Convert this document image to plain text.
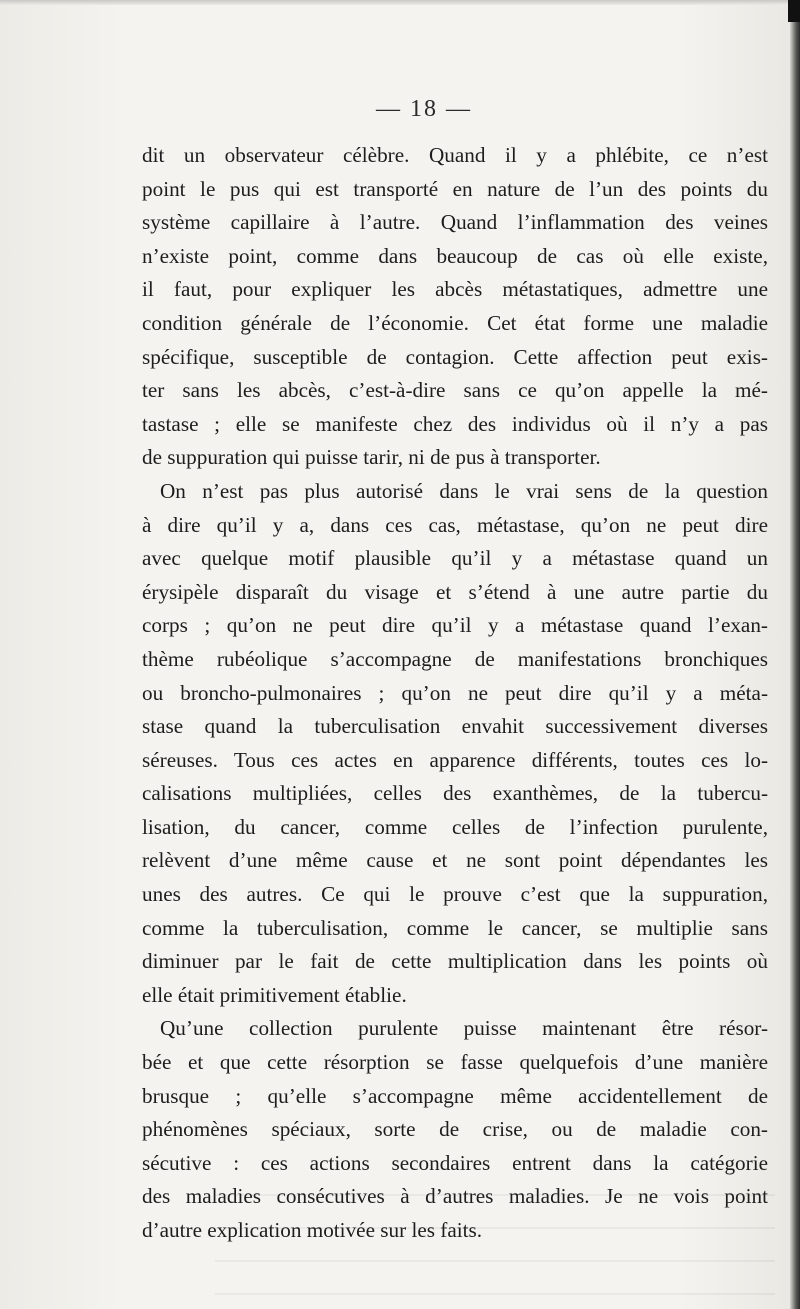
— 18 —
dit un observateur célèbre. Quand il y a phlébite, ce n’est
point le pus qui est transporté en nature de l’un des points du
système capillaire à l’autre. Quand l’inflammation des veines
n’existe point, comme dans beaucoup de cas où elle existe,
il faut, pour expliquer les abcès métastatiques, admettre une
condition générale de l’économie. Cet état forme une maladie
spécifique, susceptible de contagion. Cette affection peut exis-
ter sans les abcès, c’est-à-dire sans ce qu’on appelle la mé-
tastase ; elle se manifeste chez des individus où il n’y a pas
de suppuration qui puisse tarir, ni de pus à transporter.
On n’est pas plus autorisé dans le vrai sens de la question
à dire qu’il y a, dans ces cas, métastase, qu’on ne peut dire
avec quelque motif plausible qu’il y a métastase quand un
érysipèle disparaît du visage et s’étend à une autre partie du
corps ; qu’on ne peut dire qu’il y a métastase quand l’exan-
thème rubéolique s’accompagne de manifestations bronchiques
ou broncho-pulmonaires ; qu’on ne peut dire qu’il y a méta-
stase quand la tuberculisation envahit successivement diverses
séreuses. Tous ces actes en apparence différents, toutes ces lo-
calisations multipliées, celles des exanthèmes, de la tubercu-
lisation, du cancer, comme celles de l’infection purulente,
relèvent d’une même cause et ne sont point dépendantes les
unes des autres. Ce qui le prouve c’est que la suppuration,
comme la tuberculisation, comme le cancer, se multiplie sans
diminuer par le fait de cette multiplication dans les points où
elle était primitivement établie.
Qu’une collection purulente puisse maintenant être résor-
bée et que cette résorption se fasse quelquefois d’une manière
brusque ; qu’elle s’accompagne même accidentellement de
phénomènes spéciaux, sorte de crise, ou de maladie con-
sécutive : ces actions secondaires entrent dans la catégorie
des maladies consécutives à d’autres maladies. Je ne vois point
d’autre explication motivée sur les faits.
